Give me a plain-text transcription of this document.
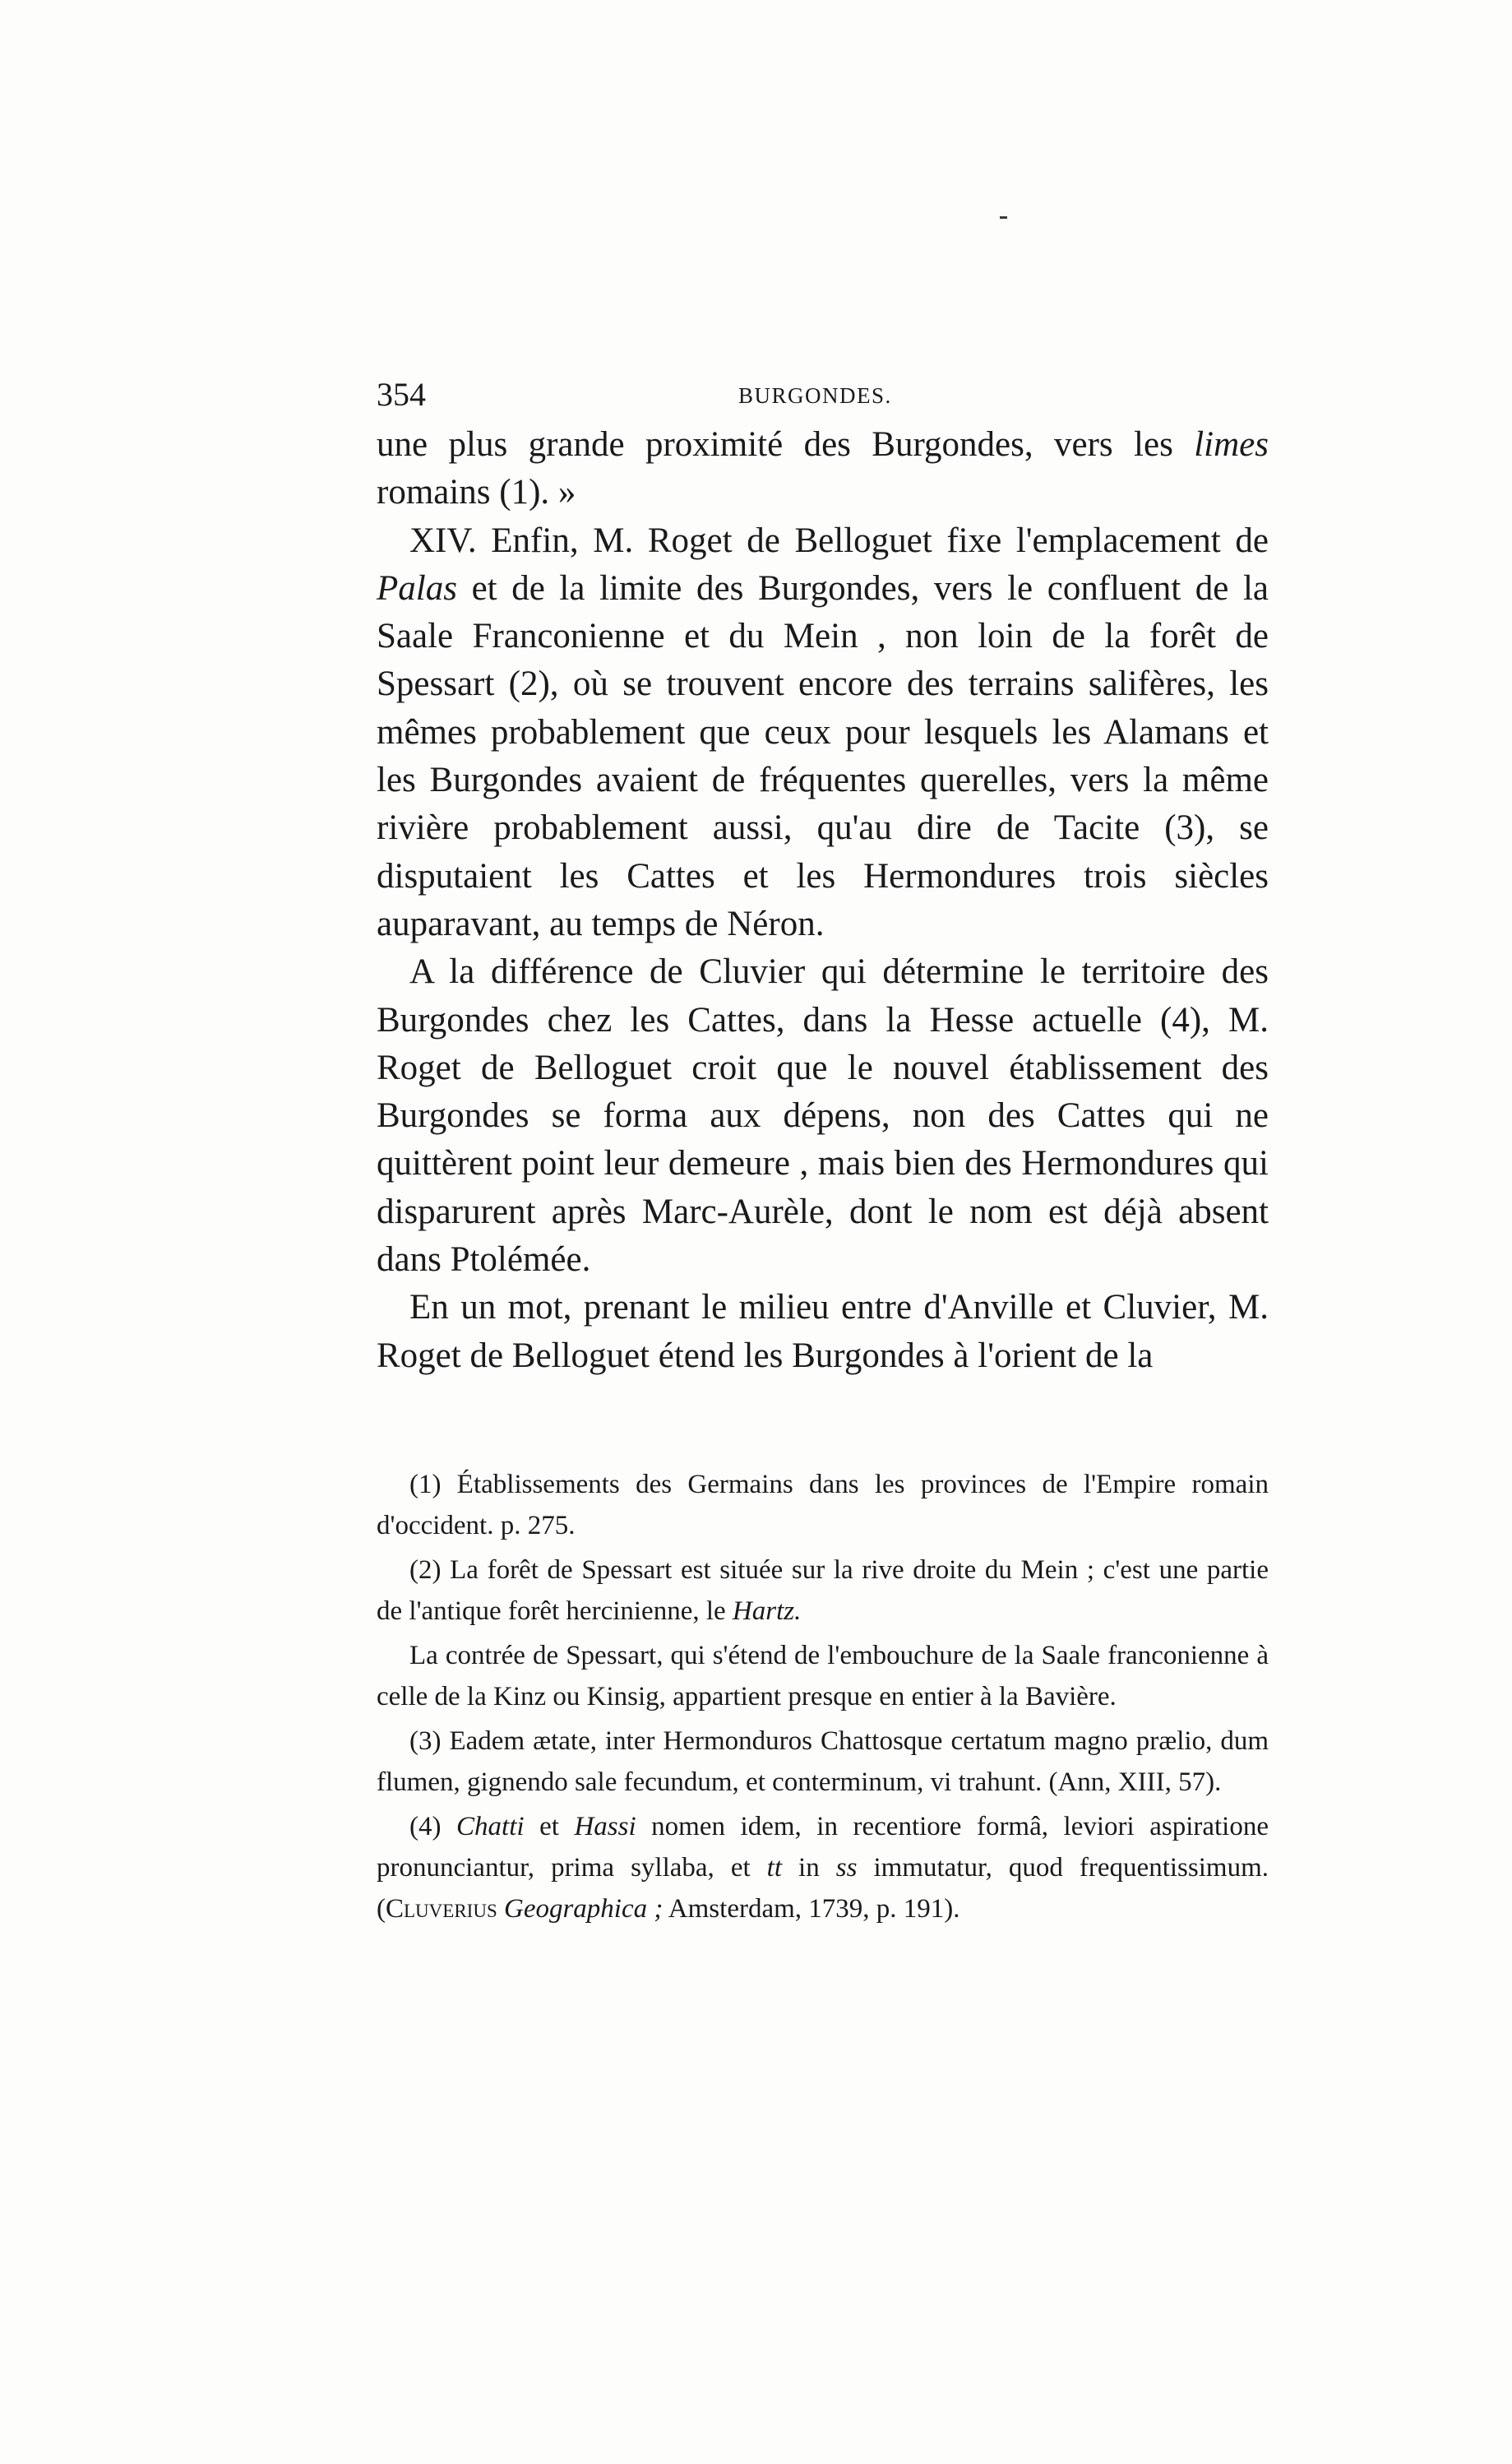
354	BURGONDES.

une plus grande proximité des Burgondes, vers les limes romains (1). »

XIV. Enfin, M. Roget de Belloguet fixe l'emplacement de Palas et de la limite des Burgondes, vers le confluent de la Saale Franconienne et du Mein , non loin de la forêt de Spessart (2), où se trouvent encore des terrains salifères, les mêmes probablement que ceux pour lesquels les Alamans et les Burgondes avaient de fréquentes querelles, vers la même rivière probablement aussi, qu'au dire de Tacite (3), se disputaient les Cattes et les Hermondures trois siècles auparavant, au temps de Néron.

A la différence de Cluvier qui détermine le territoire des Burgondes chez les Cattes, dans la Hesse actuelle (4), M. Roget de Belloguet croit que le nouvel établissement des Burgondes se forma aux dépens, non des Cattes qui ne quittèrent point leur demeure , mais bien des Hermondures qui disparurent après Marc-Aurèle, dont le nom est déjà absent dans Ptolémée.

En un mot, prenant le milieu entre d'Anville et Cluvier, M. Roget de Belloguet étend les Burgondes à l'orient de la

(1) Établissements des Germains dans les provinces de l'Empire romain d'occident. p. 275.

(2) La forêt de Spessart est située sur la rive droite du Mein ; c'est une partie de l'antique forêt hercinienne, le Hartz.

La contrée de Spessart, qui s'étend de l'embouchure de la Saale franconienne à celle de la Kinz ou Kinsig, appartient presque en entier à la Bavière.

(3) Eadem ætate, inter Hermonduros Chattosque certatum magno prælio, dum flumen, gignendo sale fecundum, et conterminum, vi trahunt. (Ann, XIII, 57).

(4) Chatti et Hassi nomen idem, in recentiore formâ, leviori aspiratione pronunciantur, prima syllaba, et tt in ss immutatur, quod frequentissimum. (Cluverius Geographica ; Amsterdam, 1739, p. 191).
